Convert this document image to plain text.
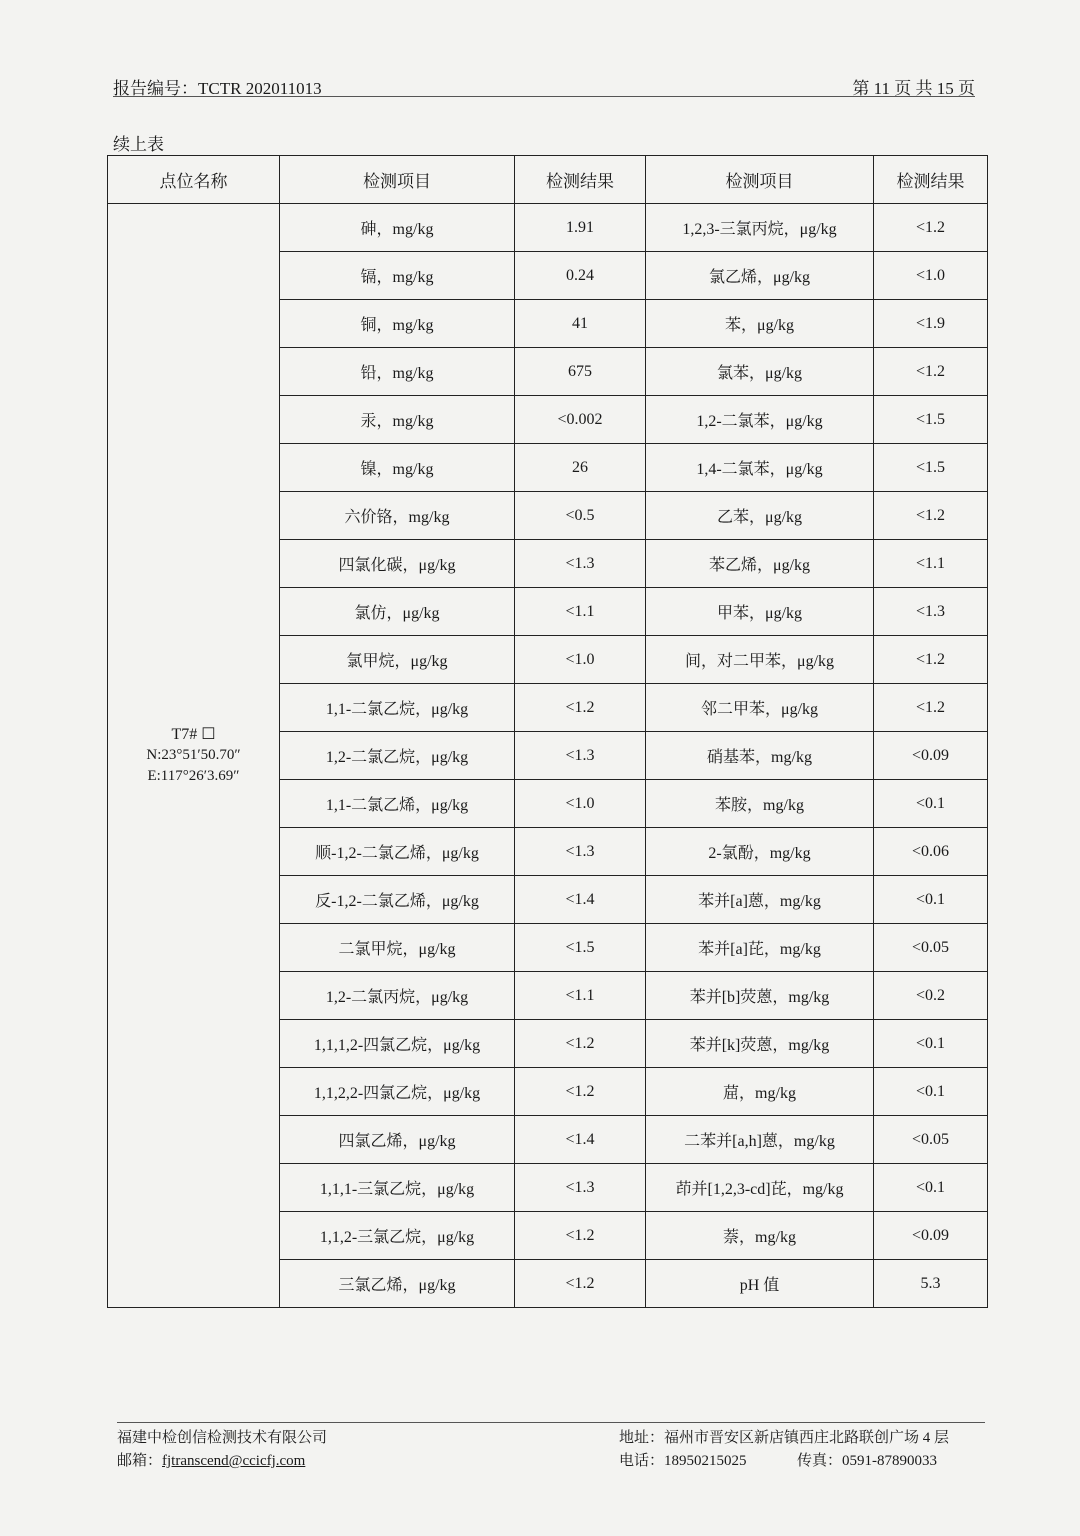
报告编号：TCTR 202011013	第 11 页 共 15 页
续上表
点位名称	检测项目	检测结果	检测项目	检测结果

T7# ☐
N:23°51′50.70″
E:117°26′3.69″	砷，mg/kg	1.91	1,2,3-三氯丙烷，μg/kg	<1.2
	镉，mg/kg	0.24	氯乙烯，μg/kg	<1.0
	铜，mg/kg	41	苯，μg/kg	<1.9
	铅，mg/kg	675	氯苯，μg/kg	<1.2
	汞，mg/kg	<0.002	1,2-二氯苯，μg/kg	<1.5
	镍，mg/kg	26	1,4-二氯苯，μg/kg	<1.5
	六价铬，mg/kg	<0.5	乙苯，μg/kg	<1.2
	四氯化碳，μg/kg	<1.3	苯乙烯，μg/kg	<1.1
	氯仿，μg/kg	<1.1	甲苯，μg/kg	<1.3
	氯甲烷，μg/kg	<1.0	间，对二甲苯，μg/kg	<1.2
	1,1-二氯乙烷，μg/kg	<1.2	邻二甲苯，μg/kg	<1.2
	1,2-二氯乙烷，μg/kg	<1.3	硝基苯，mg/kg	<0.09
	1,1-二氯乙烯，μg/kg	<1.0	苯胺，mg/kg	<0.1
	顺-1,2-二氯乙烯，μg/kg	<1.3	2-氯酚，mg/kg	<0.06
	反-1,2-二氯乙烯，μg/kg	<1.4	苯并[a]蒽，mg/kg	<0.1
	二氯甲烷，μg/kg	<1.5	苯并[a]芘，mg/kg	<0.05
	1,2-二氯丙烷，μg/kg	<1.1	苯并[b]荧蒽，mg/kg	<0.2
	1,1,1,2-四氯乙烷，μg/kg	<1.2	苯并[k]荧蒽，mg/kg	<0.1
	1,1,2,2-四氯乙烷，μg/kg	<1.2	䓛，mg/kg	<0.1
	四氯乙烯，μg/kg	<1.4	二苯并[a,h]蒽，mg/kg	<0.05
	1,1,1-三氯乙烷，μg/kg	<1.3	茚并[1,2,3-cd]芘，mg/kg	<0.1
	1,1,2-三氯乙烷，μg/kg	<1.2	萘，mg/kg	<0.09
	三氯乙烯，μg/kg	<1.2	pH 值	5.3
福建中检创信检测技术有限公司
邮箱：fjtranscend@ccicfj.com
地址：福州市晋安区新店镇西庄北路联创广场 4 层
电话：18950215025	传真：0591-87890033
